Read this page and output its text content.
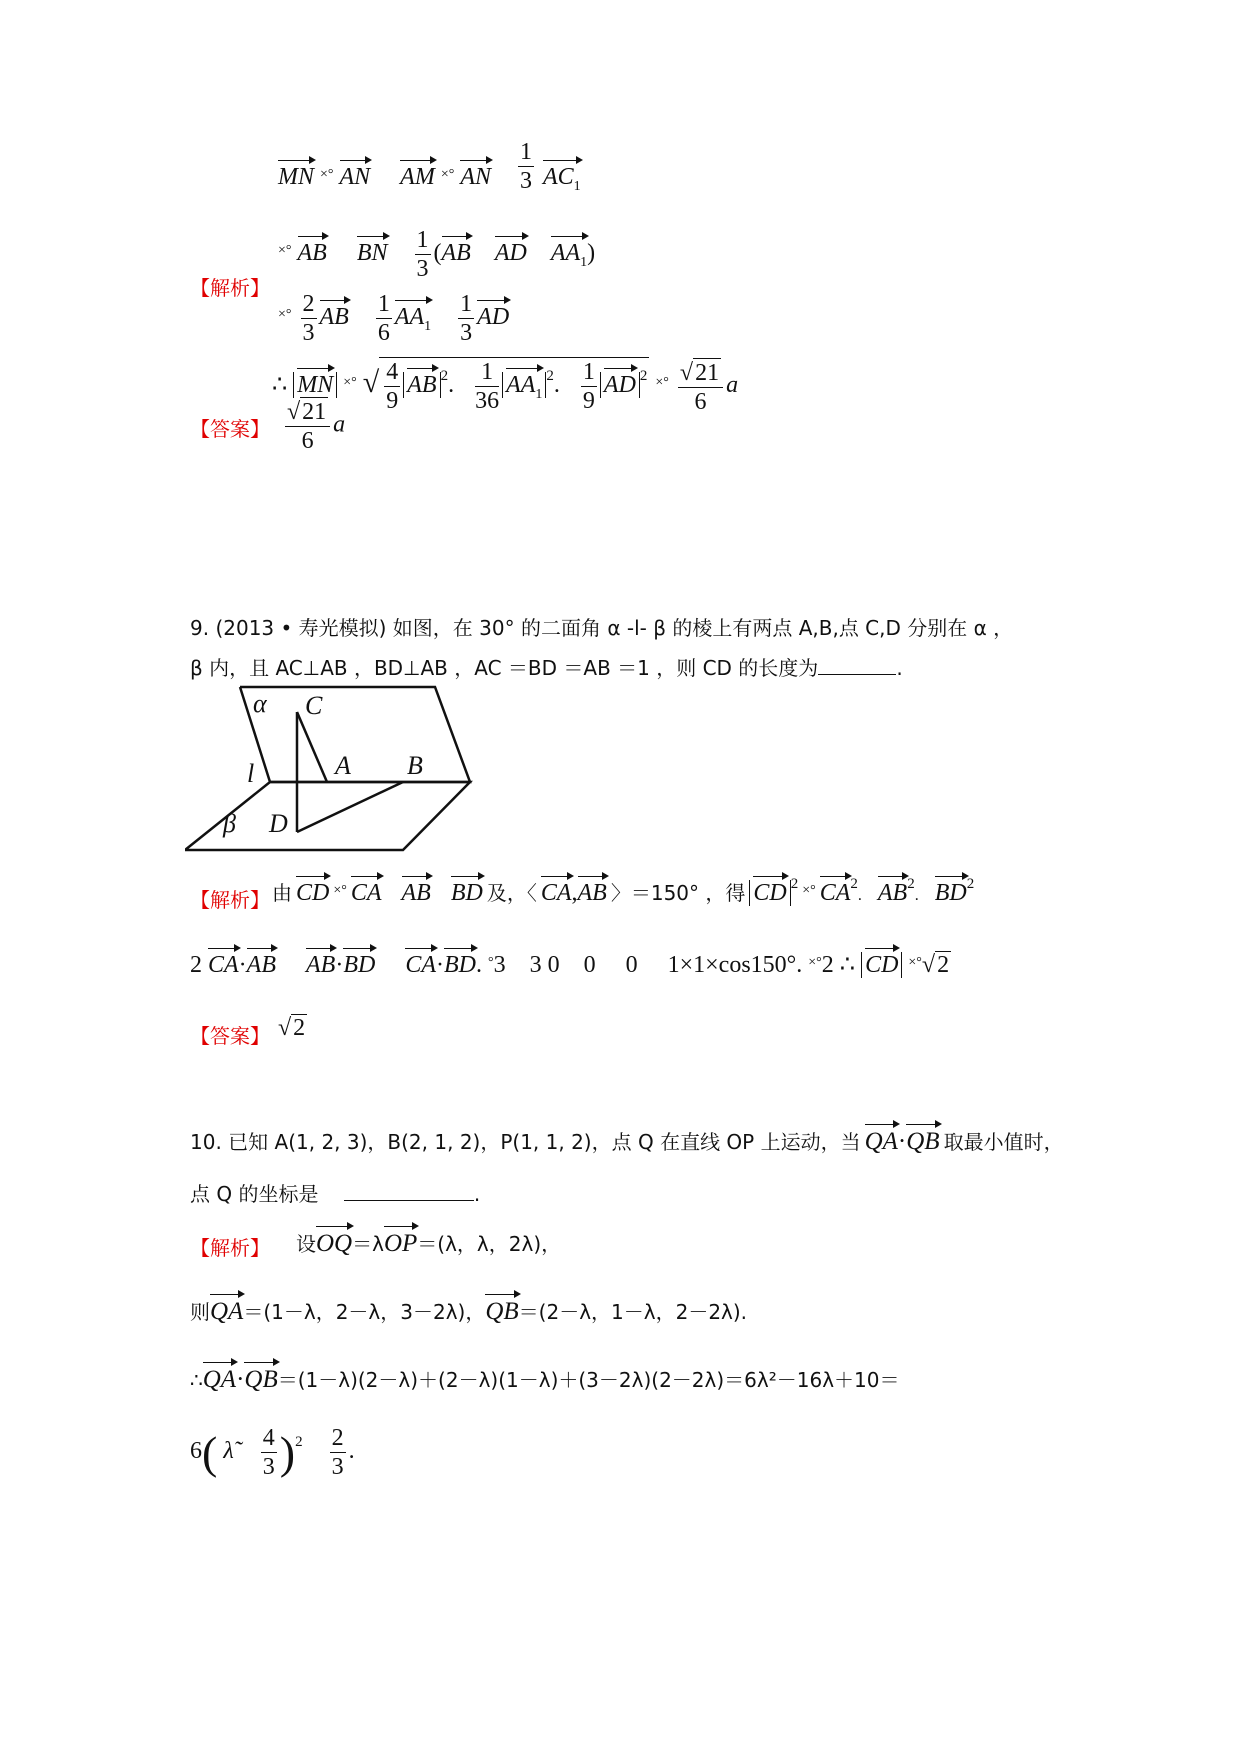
MN ×° AN AM ×° AN $\frac{1}{3} AC_1$
×° AB BN $\frac{1}{3} (AB$ AD $AA_1$)
【解析】
$^{\times^\circ} \frac{2}{3}$ AB $\frac{1}{6} AA_1 \frac{1}{3}$ AD
∴ MN ×° √ $\frac{4}{9}$ AB $^2$. $\frac{1}{36} AA_1^2$. $\frac{1}{9}$ AD $^2$ $^{\times^\circ} \frac{√21}{6}$ a
【答案】 $\frac{√21}{6}$ a
9. (2013 • 寿光模拟) 如图，在 30° 的二面角 α -l- β 的棱上有两点 A,B,点 C,D 分别在 α ，
β 内，且 AC⊥AB ，BD⊥AB ，AC ＝BD ＝AB ＝1 ，则 CD 的长度为	.
α C
A B
l
β D
【解析】 由 CD ×° CA AB BD 及，〈 CA,AB 〉＝150° ，得 CD 2 ×° CA2.    AB2.    BD2
2 CA·AB AB·BD CA·BD. °3 3 0 0 0 1×1×cos150°. ×°2 ∴ CD ×°√2
【答案】 √2
10. 已知 A(1, 2, 3)，B(2, 1, 2)，P(1, 1, 2)，点 Q 在直线 OP 上运动，当 QA·QB 取最小值时，
点 Q 的坐标是	.
【解析】 设OQ＝λOP＝(λ，λ，2λ)，
则QA＝(1－λ，2－λ，3－2λ)，QB＝(2－λ，1－λ，2－2λ).
∴QA·QB＝(1－λ)(2－λ)＋(2－λ)(1－λ)＋(3－2λ)(2－2λ)＝6λ²－16λ＋10＝
6( λ̃ $\frac{4}{3} )^2 \frac{2}{3}$ .
